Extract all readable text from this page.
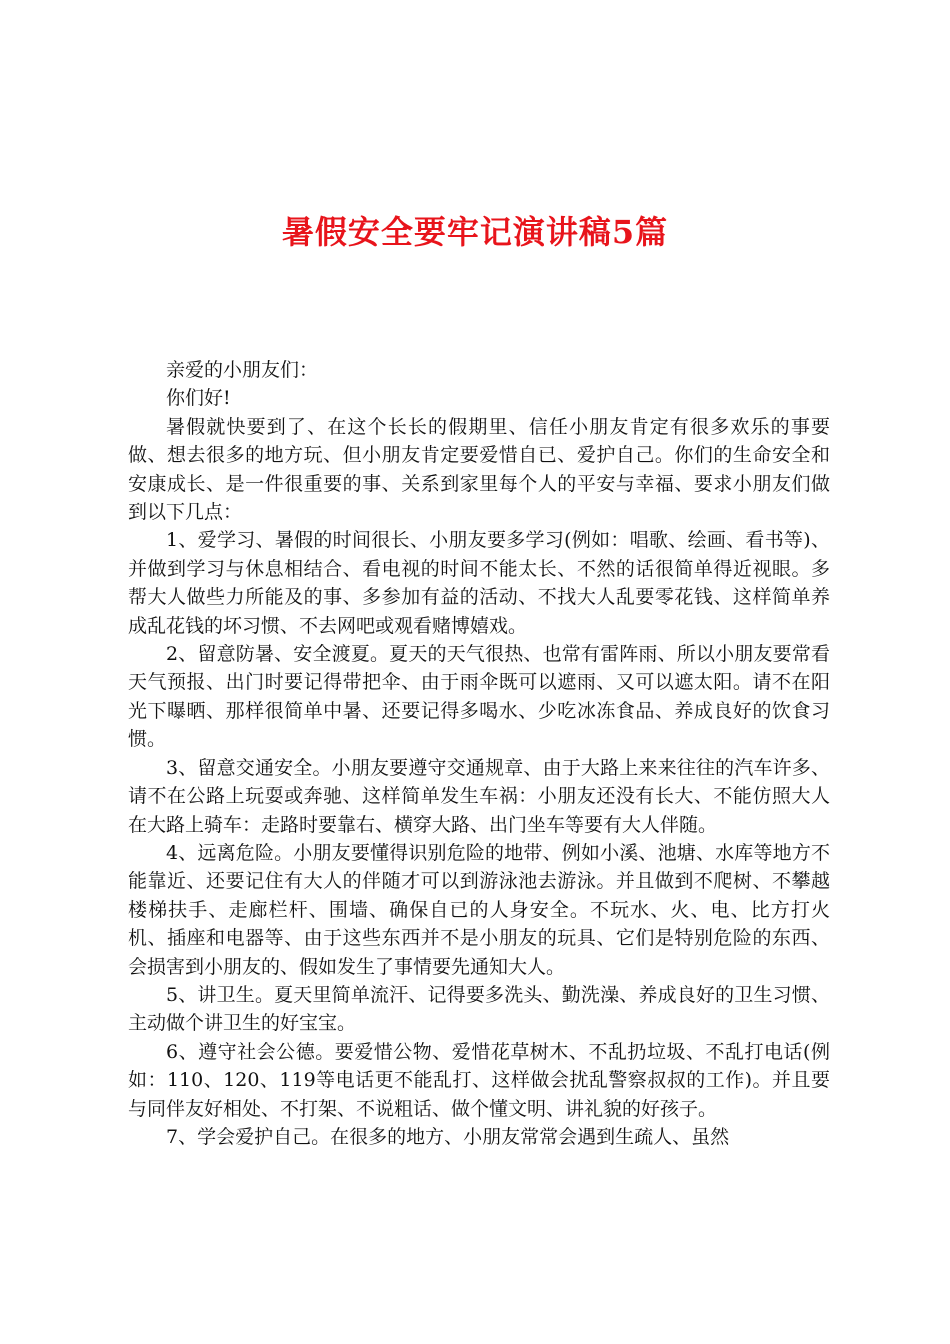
暑假安全要牢记演讲稿5篇

亲爱的小朋友们：

你们好!

暑假就快要到了、在这个长长的假期里、信任小朋友肯定有很多欢乐的事要做、想去很多的地方玩、但小朋友肯定要爱惜自已、爱护自己。你们的生命安全和安康成长、是一件很重要的事、关系到家里每个人的平安与幸福、要求小朋友们做到以下几点：

1、爱学习、暑假的时间很长、小朋友要多学习(例如：唱歌、绘画、看书等)、并做到学习与休息相结合、看电视的时间不能太长、不然的话很简单得近视眼。多帮大人做些力所能及的事、多参加有益的活动、不找大人乱要零花钱、这样简单养成乱花钱的坏习惯、不去网吧或观看赌博嬉戏。

2、留意防暑、安全渡夏。夏天的天气很热、也常有雷阵雨、所以小朋友要常看天气预报、出门时要记得带把伞、由于雨伞既可以遮雨、又可以遮太阳。请不在阳光下曝晒、那样很简单中暑、还要记得多喝水、少吃冰冻食品、养成良好的饮食习惯。

3、留意交通安全。小朋友要遵守交通规章、由于大路上来来往往的汽车许多、请不在公路上玩耍或奔驰、这样简单发生车祸：小朋友还没有长大、不能仿照大人在大路上骑车：走路时要靠右、横穿大路、出门坐车等要有大人伴随。

4、远离危险。小朋友要懂得识别危险的地带、例如小溪、池塘、水库等地方不能靠近、还要记住有大人的伴随才可以到游泳池去游泳。并且做到不爬树、不攀越楼梯扶手、走廊栏杆、围墙、确保自已的人身安全。不玩水、火、电、比方打火机、插座和电器等、由于这些东西并不是小朋友的玩具、它们是特别危险的东西、会损害到小朋友的、假如发生了事情要先通知大人。

5、讲卫生。夏天里简单流汗、记得要多洗头、勤洗澡、养成良好的卫生习惯、主动做个讲卫生的好宝宝。

6、遵守社会公德。要爱惜公物、爱惜花草树木、不乱扔垃圾、不乱打电话(例如：110、120、119等电话更不能乱打、这样做会扰乱警察叔叔的工作)。并且要与同伴友好相处、不打架、不说粗话、做个懂文明、讲礼貌的好孩子。

7、学会爱护自己。在很多的地方、小朋友常常会遇到生疏人、虽然
